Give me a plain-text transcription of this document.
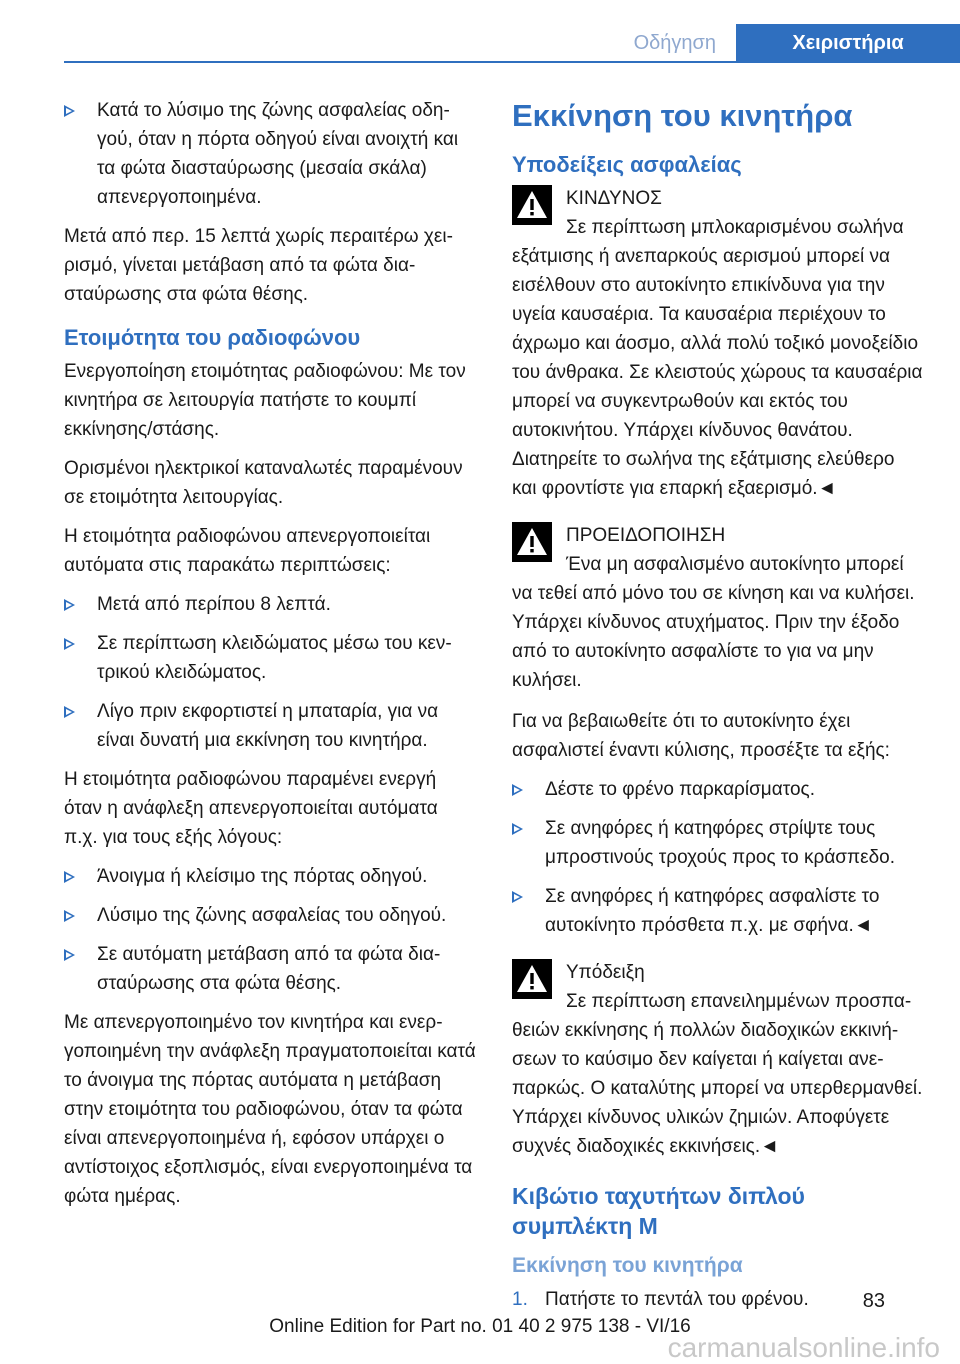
Οδήγηση	Χειριστήρια
Κατά το λύσιμο της ζώνης ασφαλείας οδηγού, όταν η πόρτα οδηγού είναι ανοιχτή και τα φώτα διασταύρωσης (μεσαία σκάλα) απενεργοποιημένα.

Μετά από περ. 15 λεπτά χωρίς περαιτέρω χειρισμό, γίνεται μετάβαση από τα φώτα διασταύρωσης στα φώτα θέσης.

Ετοιμότητα του ραδιοφώνου

Ενεργοποίηση ετοιμότητας ραδιοφώνου: Με τον κινητήρα σε λειτουργία πατήστε το κουμπί εκκίνησης/στάσης.

Ορισμένοι ηλεκτρικοί καταναλωτές παραμένουν σε ετοιμότητα λειτουργίας.

Η ετοιμότητα ραδιοφώνου απενεργοποιείται αυτόματα στις παρακάτω περιπτώσεις:

Μετά από περίπου 8 λεπτά.
Σε περίπτωση κλειδώματος μέσω του κεντρικού κλειδώματος.
Λίγο πριν εκφορτιστεί η μπαταρία, για να είναι δυνατή μια εκκίνηση του κινητήρα.

Η ετοιμότητα ραδιοφώνου παραμένει ενεργή όταν η ανάφλεξη απενεργοποιείται αυτόματα π.χ. για τους εξής λόγους:

Άνοιγμα ή κλείσιμο της πόρτας οδηγού.
Λύσιμο της ζώνης ασφαλείας του οδηγού.
Σε αυτόματη μετάβαση από τα φώτα διασταύρωσης στα φώτα θέσης.

Με απενεργοποιημένο τον κινητήρα και ενεργοποιημένη την ανάφλεξη πραγματοποιείται κατά το άνοιγμα της πόρτας αυτόματα η μετάβαση στην ετοιμότητα του ραδιοφώνου, όταν τα φώτα είναι απενεργοποιημένα ή, εφόσον υπάρχει ο αντίστοιχος εξοπλισμός, είναι ενεργοποιημένα τα φώτα ημέρας.

Εκκίνηση του κινητήρα
Υποδείξεις ασφαλείας
ΚΙΝΔΥΝΟΣ
Σε περίπτωση μπλοκαρισμένου σωλήνα εξάτμισης ή ανεπαρκούς αερισμού μπορεί να εισέλθουν στο αυτοκίνητο επικίνδυνα για την υγεία καυσαέρια. Τα καυσαέρια περιέχουν το άχρωμο και άοσμο, αλλά πολύ τοξικό μονοξείδιο του άνθρακα. Σε κλειστούς χώρους τα καυσαέρια μπορεί να συγκεντρωθούν και εκτός του αυτοκινήτου. Υπάρχει κίνδυνος θανάτου. Διατηρείτε το σωλήνα της εξάτμισης ελεύθερο και φροντίστε για επαρκή εξαερισμό.◄
ΠΡΟΕΙΔΟΠΟΙΗΣΗ
Ένα μη ασφαλισμένο αυτοκίνητο μπορεί να τεθεί από μόνο του σε κίνηση και να κυλήσει. Υπάρχει κίνδυνος ατυχήματος. Πριν την έξοδο από το αυτοκίνητο ασφαλίστε το για να μην κυλήσει.

Για να βεβαιωθείτε ότι το αυτοκίνητο έχει ασφαλιστεί έναντι κύλισης, προσέξτε τα εξής:

Δέστε το φρένο παρκαρίσματος.
Σε ανηφόρες ή κατηφόρες στρίψτε τους μπροστινούς τροχούς προς το κράσπεδο.
Σε ανηφόρες ή κατηφόρες ασφαλίστε το αυτοκίνητο πρόσθετα π.χ. με σφήνα.◄
Υπόδειξη
Σε περίπτωση επανειλημμένων προσπαθειών εκκίνησης ή πολλών διαδοχικών εκκινήσεων το καύσιμο δεν καίγεται ή καίγεται ανεπαρκώς. Ο καταλύτης μπορεί να υπερθερμανθεί. Υπάρχει κίνδυνος υλικών ζημιών. Αποφύγετε συχνές διαδοχικές εκκινήσεις.◄
Κιβώτιο ταχυτήτων διπλού συμπλέκτη M
Εκκίνηση του κινητήρα
1. Πατήστε το πεντάλ του φρένου.	83
Online Edition for Part no. 01 40 2 975 138 - VI/16
carmanualsonline.info
